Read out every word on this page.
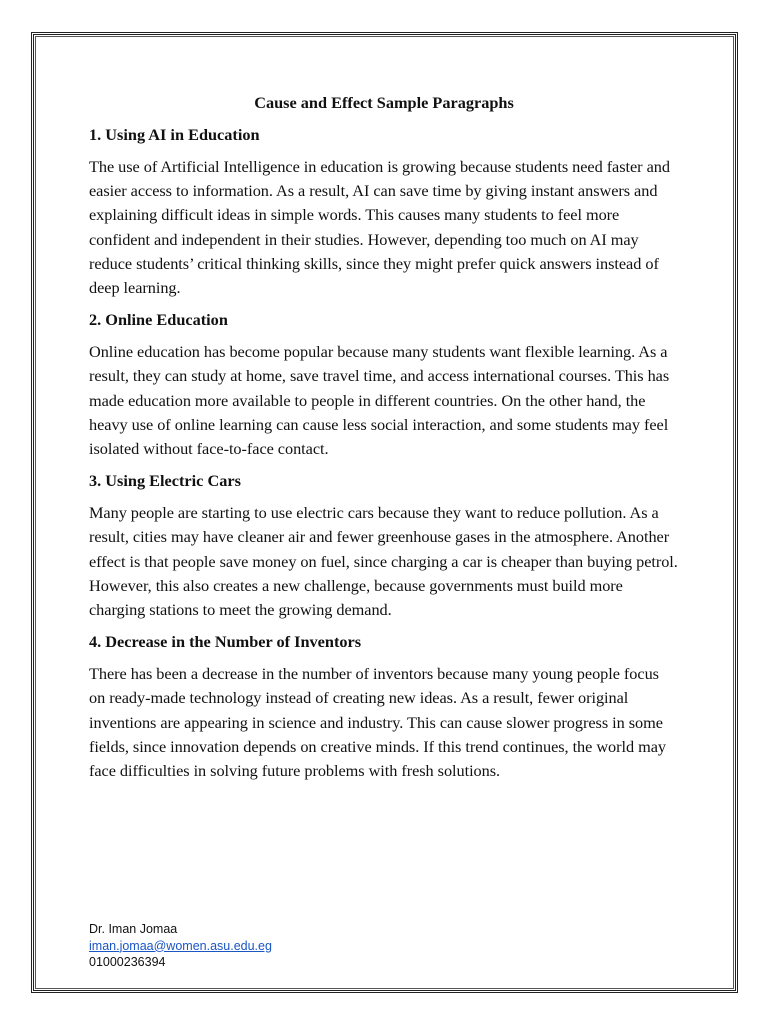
Cause and Effect Sample Paragraphs
1. Using AI in Education
The use of Artificial Intelligence in education is growing because students need faster and easier access to information. As a result, AI can save time by giving instant answers and explaining difficult ideas in simple words. This causes many students to feel more confident and independent in their studies. However, depending too much on AI may reduce students’ critical thinking skills, since they might prefer quick answers instead of deep learning.
2. Online Education
Online education has become popular because many students want flexible learning. As a result, they can study at home, save travel time, and access international courses. This has made education more available to people in different countries. On the other hand, the heavy use of online learning can cause less social interaction, and some students may feel isolated without face-to-face contact.
3. Using Electric Cars
Many people are starting to use electric cars because they want to reduce pollution. As a result, cities may have cleaner air and fewer greenhouse gases in the atmosphere. Another effect is that people save money on fuel, since charging a car is cheaper than buying petrol. However, this also creates a new challenge, because governments must build more charging stations to meet the growing demand.
4. Decrease in the Number of Inventors
There has been a decrease in the number of inventors because many young people focus on ready-made technology instead of creating new ideas. As a result, fewer original inventions are appearing in science and industry. This can cause slower progress in some fields, since innovation depends on creative minds. If this trend continues, the world may face difficulties in solving future problems with fresh solutions.
Dr. Iman Jomaa
iman.jomaa@women.asu.edu.eg
01000236394
